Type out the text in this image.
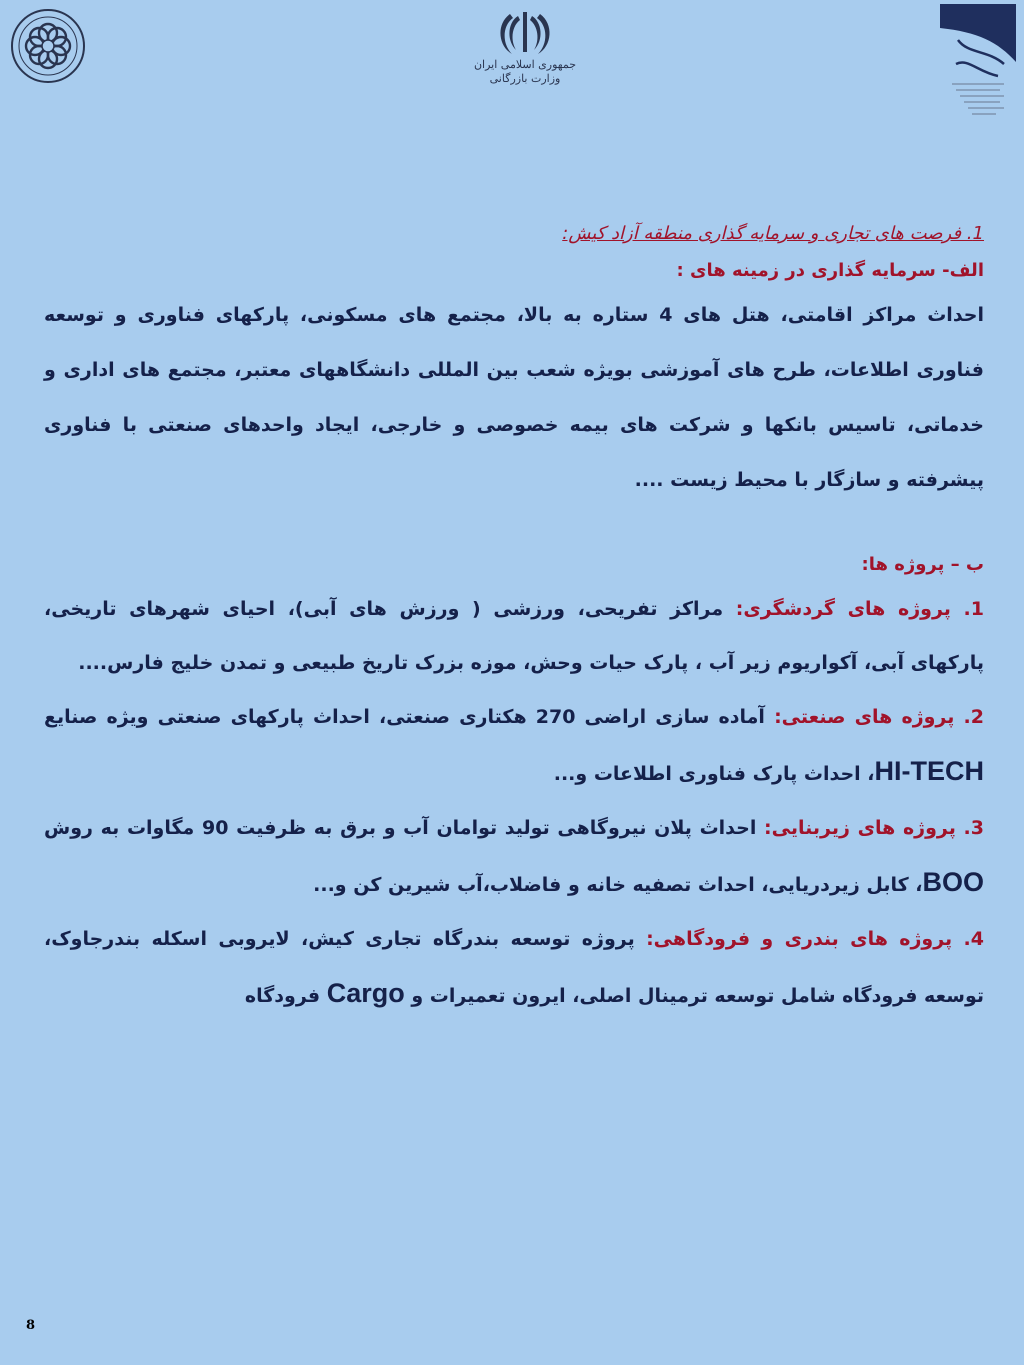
جمهوری اسلامی ایران
وزارت بازرگانی
1. فرصت های تجاری و سرمایه گذاری منطقه آزاد کیش:
الف- سرمایه گذاری در زمینه های :

احداث مراکز اقامتی، هتل های 4 ستاره به بالا، مجتمع های مسکونی، پارکهای فناوری و توسعه فناوری اطلاعات، طرح های آموزشی بویژه شعب بین المللی دانشگاههای معتبر، مجتمع های اداری و خدماتی، تاسیس بانکها و شرکت های بیمه خصوصی و خارجی، ایجاد واحدهای صنعتی با فناوری پیشرفته و سازگار با محیط زیست ....

ب – پروژه ها:

1. پروژه های گردشگری: مراکز تفریحی، ورزشی ( ورزش های آبی)، احیای شهرهای تاریخی، پارکهای آبی، آکواریوم زیر آب ، پارک حیات وحش، موزه بزرک تاریخ طبیعی و تمدن خلیج فارس....

2. پروژه های صنعتی: آماده سازی اراضی 270 هکتاری صنعتی، احداث پارکهای صنعتی ویژه صنایع HI-TECH، احداث پارک فناوری اطلاعات و...

3. پروژه های زیربنایی: احداث پلان نیروگاهی تولید توامان آب و برق به ظرفیت 90 مگاوات به روش BOO، کابل زیردریایی، احداث تصفیه خانه و فاضلاب،آب شیرین کن و...

4. پروژه های بندری و فرودگاهی: پروژه توسعه بندرگاه تجاری کیش، لایروبی اسکله بندرجاوک، توسعه فرودگاه شامل توسعه ترمینال اصلی، ایرون تعمیرات و Cargo فرودگاه

8
